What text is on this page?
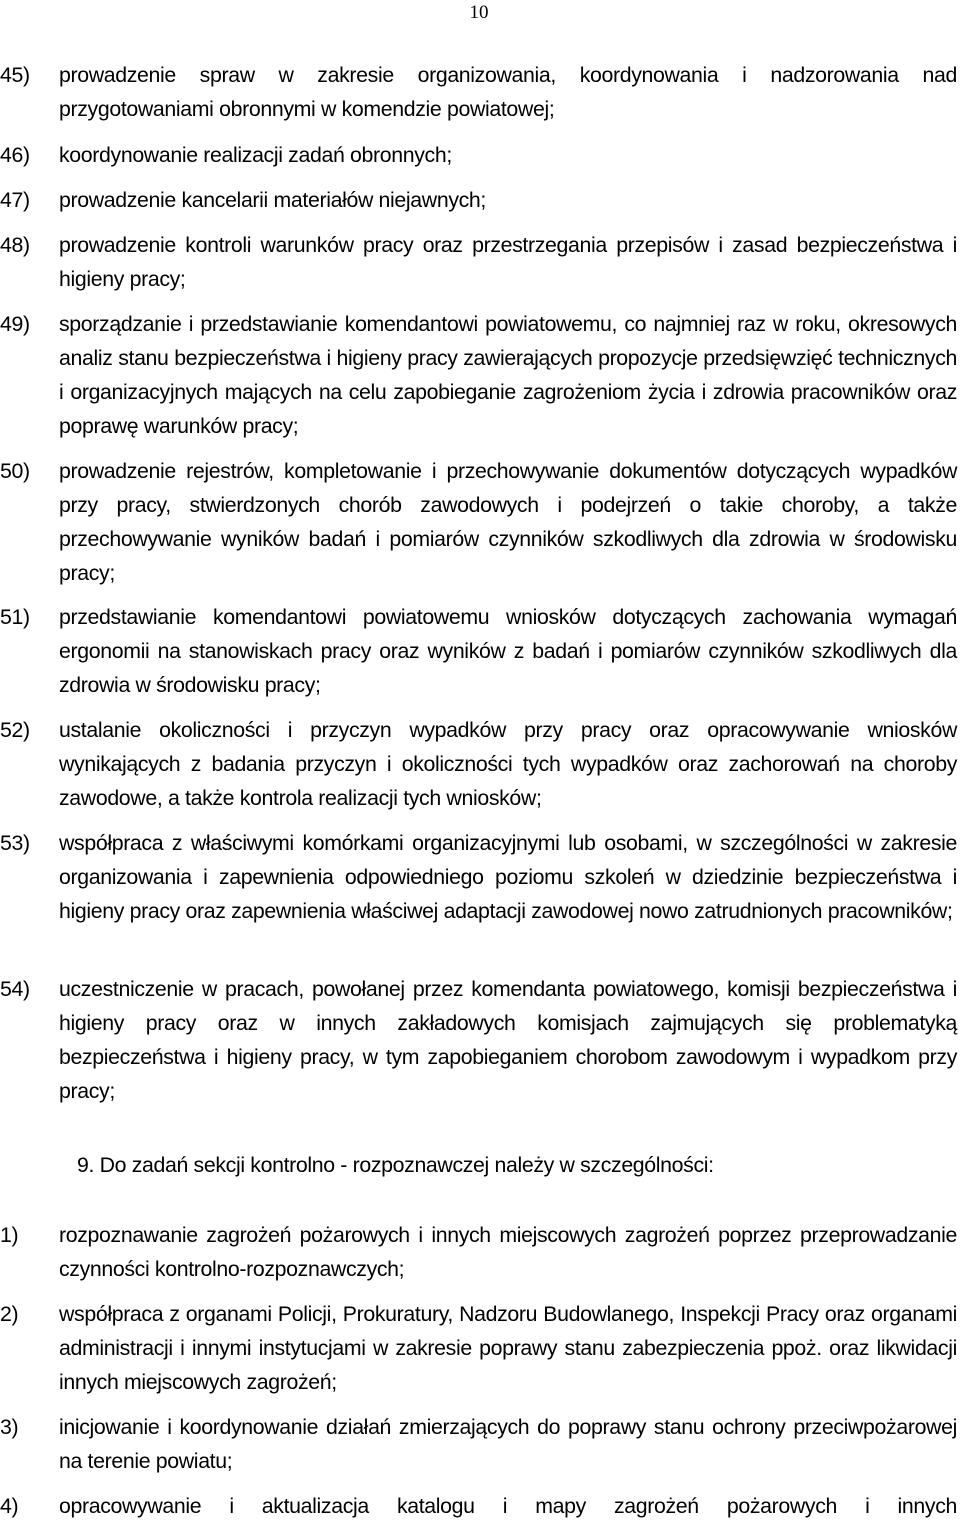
10
45) prowadzenie spraw w zakresie organizowania, koordynowania i nadzorowania nad przygotowaniami obronnymi w komendzie powiatowej;
46) koordynowanie realizacji zadań obronnych;
47) prowadzenie kancelarii materiałów niejawnych;
48) prowadzenie kontroli warunków pracy oraz przestrzegania przepisów i zasad bezpieczeństwa i higieny pracy;
49) sporządzanie i przedstawianie komendantowi powiatowemu, co najmniej raz w roku, okresowych analiz stanu bezpieczeństwa i higieny pracy zawierających propozycje przedsięwzięć technicznych i organizacyjnych mających na celu zapobieganie zagrożeniom życia i zdrowia pracowników oraz poprawę warunków pracy;
50) prowadzenie rejestrów, kompletowanie i przechowywanie dokumentów dotyczących wypadków przy pracy, stwierdzonych chorób zawodowych i podejrzeń o takie choroby, a także przechowywanie wyników badań i pomiarów czynników szkodliwych dla zdrowia w środowisku pracy;
51) przedstawianie komendantowi powiatowemu wniosków dotyczących zachowania wymagań ergonomii na stanowiskach pracy oraz wyników z badań i pomiarów czynników szkodliwych dla zdrowia w środowisku pracy;
52) ustalanie okoliczności i przyczyn wypadków przy pracy oraz opracowywanie wniosków wynikających z badania przyczyn i okoliczności tych wypadków oraz zachorowań na choroby zawodowe, a także kontrola realizacji tych wniosków;
53) współpraca z właściwymi komórkami organizacyjnymi lub osobami, w szczególności w zakresie organizowania i zapewnienia odpowiedniego poziomu szkoleń w dziedzinie bezpieczeństwa i higieny pracy oraz zapewnienia właściwej adaptacji zawodowej nowo zatrudnionych pracowników;
54) uczestniczenie w pracach, powołanej przez komendanta powiatowego, komisji bezpieczeństwa i higieny pracy oraz w innych zakładowych komisjach zajmujących się problematyką bezpieczeństwa i higieny pracy, w tym zapobieganiem chorobom zawodowym i wypadkom przy pracy;
9. Do zadań sekcji kontrolno - rozpoznawczej należy w szczególności:
1) rozpoznawanie zagrożeń pożarowych i innych miejscowych zagrożeń poprzez przeprowadzanie czynności kontrolno-rozpoznawczych;
2) współpraca z organami Policji, Prokuratury, Nadzoru Budowlanego, Inspekcji Pracy oraz organami administracji i innymi instytucjami w zakresie poprawy stanu zabezpieczenia ppoż. oraz likwidacji innych miejscowych zagrożeń;
3) inicjowanie i koordynowanie działań zmierzających do poprawy stanu ochrony przeciwpożarowej na terenie powiatu;
4) opracowywanie i aktualizacja katalogu i mapy zagrożeń pożarowych i innych
